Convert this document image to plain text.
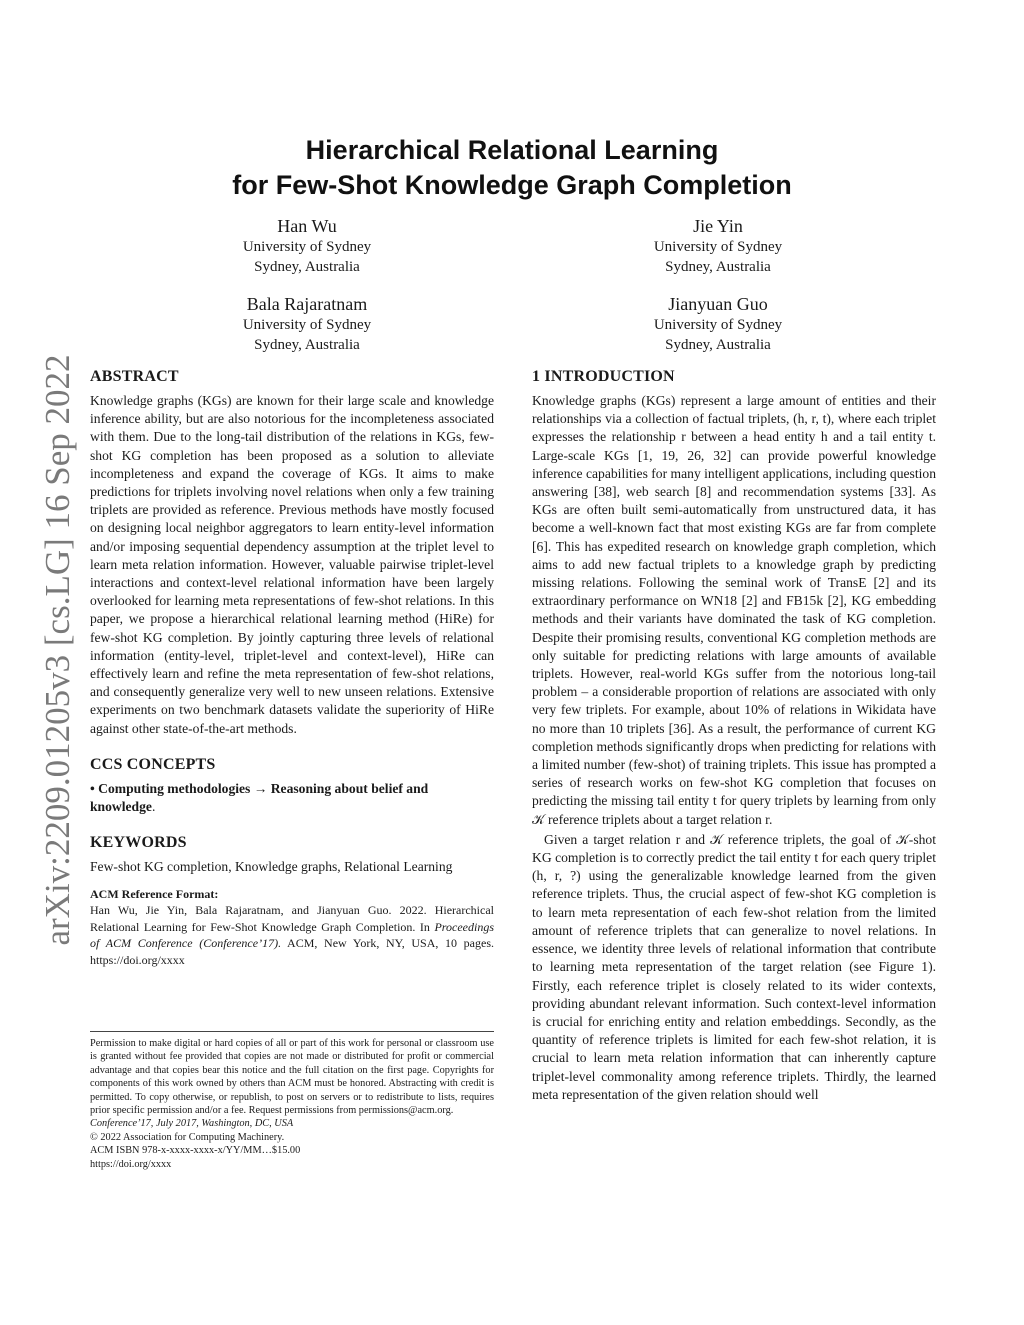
arXiv:2209.01205v3 [cs.LG] 16 Sep 2022
Hierarchical Relational Learning
for Few-Shot Knowledge Graph Completion
Han Wu
University of Sydney
Sydney, Australia
Jie Yin
University of Sydney
Sydney, Australia
Bala Rajaratnam
University of Sydney
Sydney, Australia
Jianyuan Guo
University of Sydney
Sydney, Australia
ABSTRACT

Knowledge graphs (KGs) are known for their large scale and knowledge inference ability, but are also notorious for the incompleteness associated with them. Due to the long-tail distribution of the relations in KGs, few-shot KG completion has been proposed as a solution to alleviate incompleteness and expand the coverage of KGs. It aims to make predictions for triplets involving novel relations when only a few training triplets are provided as reference. Previous methods have mostly focused on designing local neighbor aggregators to learn entity-level information and/or imposing sequential dependency assumption at the triplet level to learn meta relation information. However, valuable pairwise triplet-level interactions and context-level relational information have been largely overlooked for learning meta representations of few-shot relations. In this paper, we propose a hierarchical relational learning method (HiRe) for few-shot KG completion. By jointly capturing three levels of relational information (entity-level, triplet-level and context-level), HiRe can effectively learn and refine the meta representation of few-shot relations, and consequently generalize very well to new unseen relations. Extensive experiments on two benchmark datasets validate the superiority of HiRe against other state-of-the-art methods.

CCS CONCEPTS

• Computing methodologies → Reasoning about belief and knowledge.

KEYWORDS

Few-shot KG completion, Knowledge graphs, Relational Learning

ACM Reference Format:

Han Wu, Jie Yin, Bala Rajaratnam, and Jianyuan Guo. 2022. Hierarchical Relational Learning for Few-Shot Knowledge Graph Completion. In Proceedings of ACM Conference (Conference’17). ACM, New York, NY, USA, 10 pages. https://doi.org/xxxx

Permission to make digital or hard copies of all or part of this work for personal or classroom use is granted without fee provided that copies are not made or distributed for profit or commercial advantage and that copies bear this notice and the full citation on the first page. Copyrights for components of this work owned by others than ACM must be honored. Abstracting with credit is permitted. To copy otherwise, or republish, to post on servers or to redistribute to lists, requires prior specific permission and/or a fee. Request permissions from permissions@acm.org.

Conference’17, July 2017, Washington, DC, USA

© 2022 Association for Computing Machinery.

ACM ISBN 978-x-xxxx-xxxx-x/YY/MM…$15.00

https://doi.org/xxxx

1 INTRODUCTION

Knowledge graphs (KGs) represent a large amount of entities and their relationships via a collection of factual triplets, (h, r, t), where each triplet expresses the relationship r between a head entity h and a tail entity t. Large-scale KGs [1, 19, 26, 32] can provide powerful knowledge inference capabilities for many intelligent applications, including question answering [38], web search [8] and recommendation systems [33]. As KGs are often built semi-automatically from unstructured data, it has become a well-known fact that most existing KGs are far from complete [6]. This has expedited research on knowledge graph completion, which aims to add new factual triplets to a knowledge graph by predicting missing relations. Following the seminal work of TransE [2] and its extraordinary performance on WN18 [2] and FB15k [2], KG embedding methods and their variants have dominated the task of KG completion. Despite their promising results, conventional KG completion methods are only suitable for predicting relations with large amounts of available triplets. However, real-world KGs suffer from the notorious long-tail problem – a considerable proportion of relations are associated with only very few triplets. For example, about 10% of relations in Wikidata have no more than 10 triplets [36]. As a result, the performance of current KG completion methods significantly drops when predicting for relations with a limited number (few-shot) of training triplets. This issue has prompted a series of research works on few-shot KG completion that focuses on predicting the missing tail entity t for query triplets by learning from only 𝒦 reference triplets about a target relation r.

Given a target relation r and 𝒦 reference triplets, the goal of 𝒦-shot KG completion is to correctly predict the tail entity t for each query triplet (h, r, ?) using the generalizable knowledge learned from the given reference triplets. Thus, the crucial aspect of few-shot KG completion is to learn meta representation of each few-shot relation from the limited amount of reference triplets that can generalize to novel relations. In essence, we identity three levels of relational information that contribute to learning meta representation of the target relation (see Figure 1). Firstly, each reference triplet is closely related to its wider contexts, providing abundant relevant information. Such context-level information is crucial for enriching entity and relation embeddings. Secondly, as the quantity of reference triplets is limited for each few-shot relation, it is crucial to learn meta relation information that can inherently capture triplet-level commonality among reference triplets. Thirdly, the learned meta representation of the given relation should well
